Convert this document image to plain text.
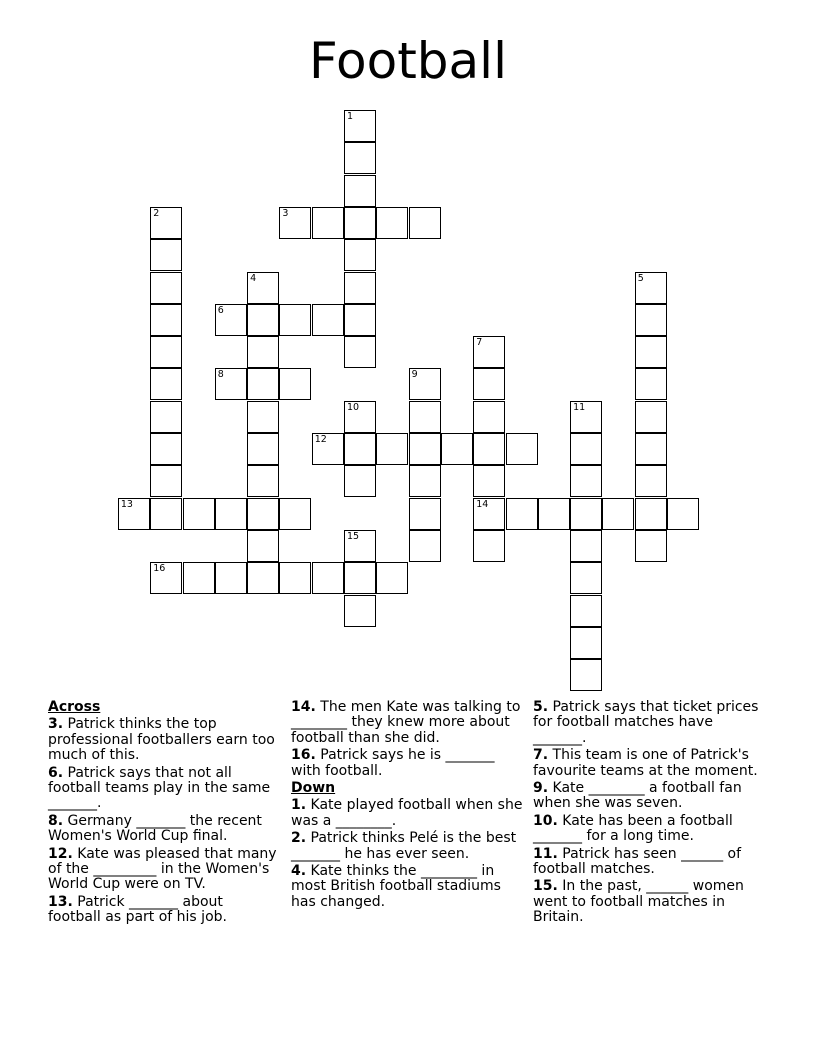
Football
3
6
8
12
13	14
16
1
2
4	5
7
9
10	11
15
Across
3. Patrick thinks the top professional footballers earn too much of this.
6. Patrick says that not all football teams play in the same _______.
8. Germany _______ the recent Women's World Cup final.
12. Kate was pleased that many of the _________ in the Women's World Cup were on TV.
13. Patrick _______ about football as part of his job.
14. The men Kate was talking to ________ they knew more about football than she did.
16. Patrick says he is _______ with football.
Down
1. Kate played football when she was a ________.
2. Patrick thinks Pelé is the best _______ he has ever seen.
4. Kate thinks the ________ in most British football stadiums has changed.
5. Patrick says that ticket prices for football matches have _______.
7. This team is one of Patrick's favourite teams at the moment.
9. Kate ________ a football fan when she was seven.
10. Kate has been a football _______ for a long time.
11. Patrick has seen ______ of football matches.
15. In the past, ______ women went to football matches in Britain.
